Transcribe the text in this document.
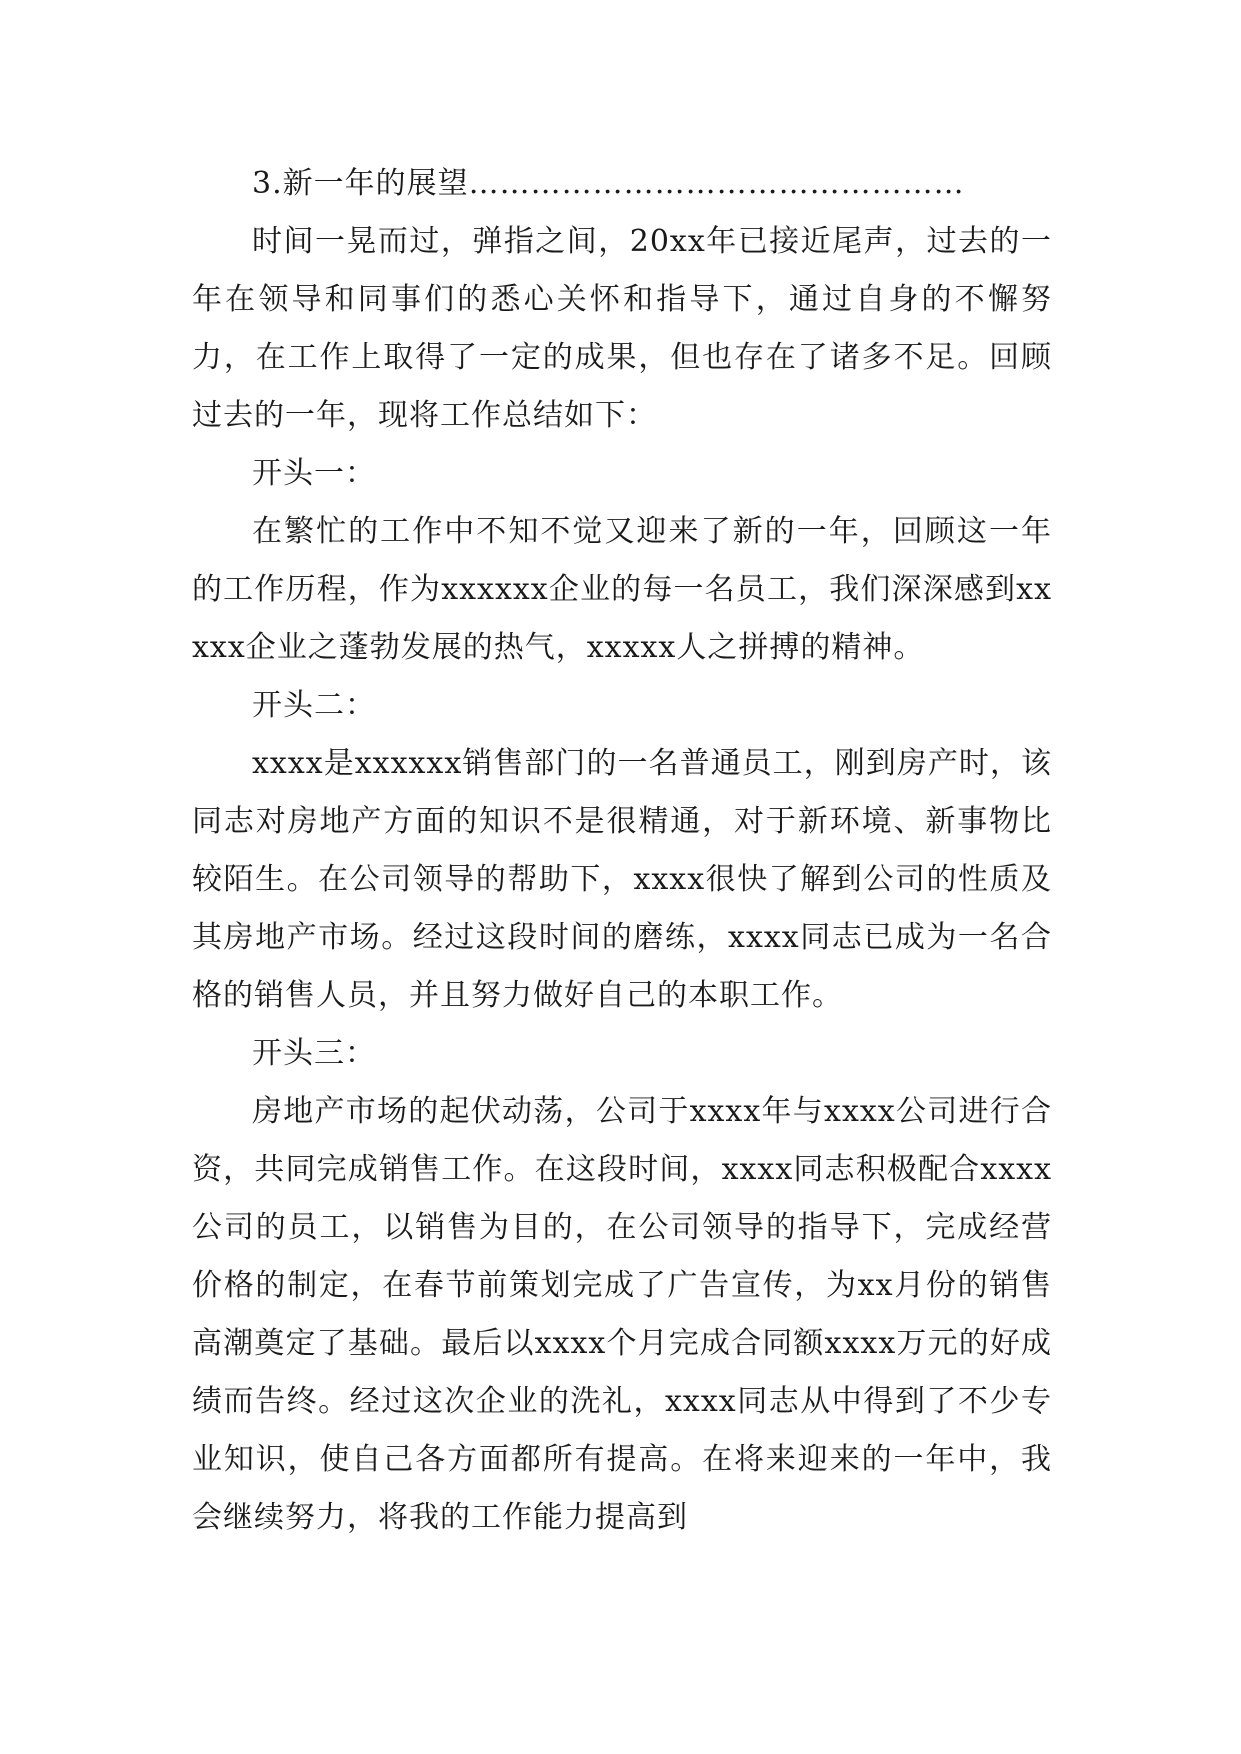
3.新一年的展望…………………………………………

时间一晃而过，弹指之间，20xx年已接近尾声，过去的一年在领导和同事们的悉心关怀和指导下，通过自身的不懈努力，在工作上取得了一定的成果，但也存在了诸多不足。回顾过去的一年，现将工作总结如下：

开头一：

在繁忙的工作中不知不觉又迎来了新的一年，回顾这一年的工作历程，作为xxxxxx企业的每一名员工，我们深深感到xxxxx企业之蓬勃发展的热气，xxxxx人之拼搏的精神。

开头二：

xxxx是xxxxxx销售部门的一名普通员工，刚到房产时，该同志对房地产方面的知识不是很精通，对于新环境、新事物比较陌生。在公司领导的帮助下，xxxx很快了解到公司的性质及其房地产市场。经过这段时间的磨练，xxxx同志已成为一名合格的销售人员，并且努力做好自己的本职工作。

开头三：

房地产市场的起伏动荡，公司于xxxx年与xxxx公司进行合资，共同完成销售工作。在这段时间，xxxx同志积极配合xxxx公司的员工，以销售为目的，在公司领导的指导下，完成经营价格的制定，在春节前策划完成了广告宣传，为xx月份的销售高潮奠定了基础。最后以xxxx个月完成合同额xxxx万元的好成绩而告终。经过这次企业的洗礼，xxxx同志从中得到了不少专业知识，使自己各方面都所有提高。在将来迎来的一年中，我会继续努力，将我的工作能力提高到
